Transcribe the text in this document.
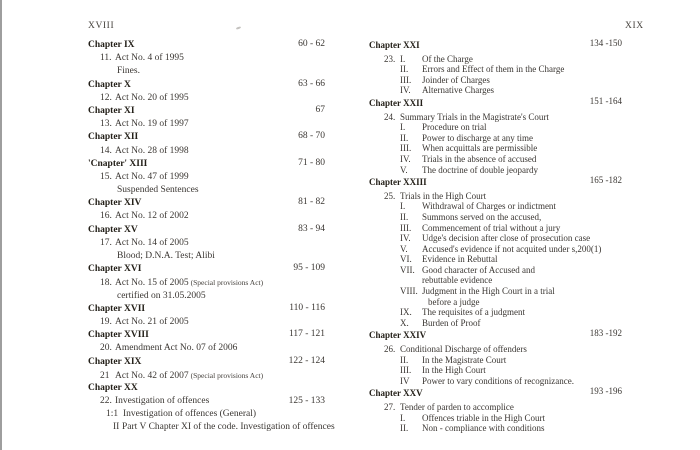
XVIII	XIX
Chapter IX	60 - 62
11. Act No. 4 of 1995
Fines.
Chapter X	63 - 66
12. Act No. 20 of 1995
Chapter XI	67
13. Act No. 19 of 1997
Chapter XII	68 - 70
14. Act No. 28 of 1998
'Cnapter' XIII	71 - 80
15. Act No. 47 of 1999
Suspended Sentences
Chapter XIV	81 - 82
16. Act No. 12 of 2002
Chapter XV	83 - 94
17. Act No. 14 of 2005
Blood; D.N.A. Test; Alibi
Chapter XVI	95 - 109
18. Act No. 15 of 2005 (Special provisions Act)
certified on 31.05.2005
Chapter XVII	110 - 116
19. Act No. 21 of 2005
Chapter XVIII	117 - 121
20. Amendment Act No. 07 of 2006
Chapter XIX	122 - 124
21 Act No. 42 of 2007 (Special provisions Act)
Chapter XX
22. Investigation of offences	125 - 133
1:1 Investigation of offences (General)
II Part V Chapter XI of the code. Investigation of offences
Chapter XXI	134 -150
23. I. Of the Charge
II. Errors and Effect of them in the Charge
III. Joinder of Charges
IV. Alternative Charges
Chapter XXII	151 -164
24. Summary Trials in the Magistrate's Court
I. Procedure on trial
II. Power to discharge at any time
III. When acquittals are permissible
IV. Trials in the absence of accused
V. The doctrine of double jeopardy
Chapter XXIII	165 -182
25. Trials in the High Court
I. Withdrawal of Charges or indictment
II. Summons served on the accused,
III. Commencement of trial without a jury
IV. Udge's decision after close of prosecution case
V. Accused's evidence if not acquited under s,200(1)
VI. Evidence in Rebuttal
VII. Good character of Accused and
rebuttable evidence
VIII. Judgment in the High Court in a trial
before a judge
IX. The requisites of a judgment
X. Burden of Proof
Chapter XXIV	183 -192
26. Conditional Discharge of offenders
II. In the Magistrate Court
III. In the High Court
IV Power to vary conditions of recognizance.
Chapter XXV	193 -196
27. Tender of parden to accomplice
I. Offences triable in the High Court
II. Non - compliance with conditions
